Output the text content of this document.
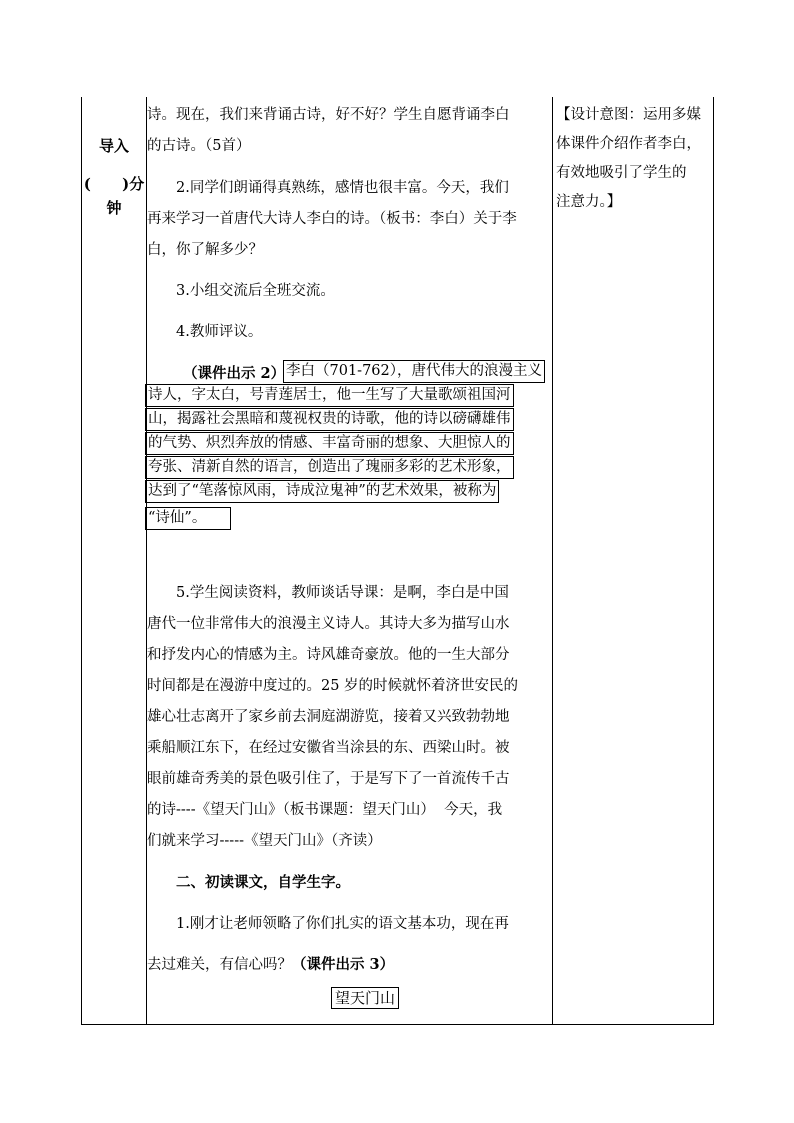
导入
(      )分
钟

诗。现在，我们来背诵古诗，好不好？学生自愿背诵李白

的古诗。（5首）

2.同学们朗诵得真熟练，感情也很丰富。今天，我们

再来学习一首唐代大诗人李白的诗。（板书：李白）关于李

白，你了解多少？

3.小组交流后全班交流。

4.教师评议。

（课件出示 2） 李白（701-762），唐代伟大的浪漫主义
诗人，字太白，号青莲居士，他一生写了大量歌颂祖国河
山，揭露社会黑暗和蔑视权贵的诗歌，他的诗以磅礴雄伟
的气势、炽烈奔放的情感、丰富奇丽的想象、大胆惊人的
夸张、清新自然的语言，创造出了瑰丽多彩的艺术形象，
达到了“笔落惊风雨，诗成泣鬼神”的艺术效果，被称为
“诗仙”。

5.学生阅读资料，教师谈话导课：是啊，李白是中国

唐代一位非常伟大的浪漫主义诗人。其诗大多为描写山水

和抒发内心的情感为主。诗风雄奇豪放。他的一生大部分

时间都是在漫游中度过的。25 岁的时候就怀着济世安民的

雄心壮志离开了家乡前去洞庭湖游览，接着又兴致勃勃地

乘船顺江东下，在经过安徽省当涂县的东、西梁山时。被

眼前雄奇秀美的景色吸引住了，于是写下了一首流传千古

的诗----《望天门山》（板书课题：望天门山）  今天，我

们就来学习-----《望天门山》（齐读）

二、初读课文，自学生字。

1.刚才让老师领略了你们扎实的语文基本功，现在再

去过难关，有信心吗？（课件出示 3）

望天门山

【设计意图：运用多媒

体课件介绍作者李白，

有效地吸引了学生的

注意力。】
